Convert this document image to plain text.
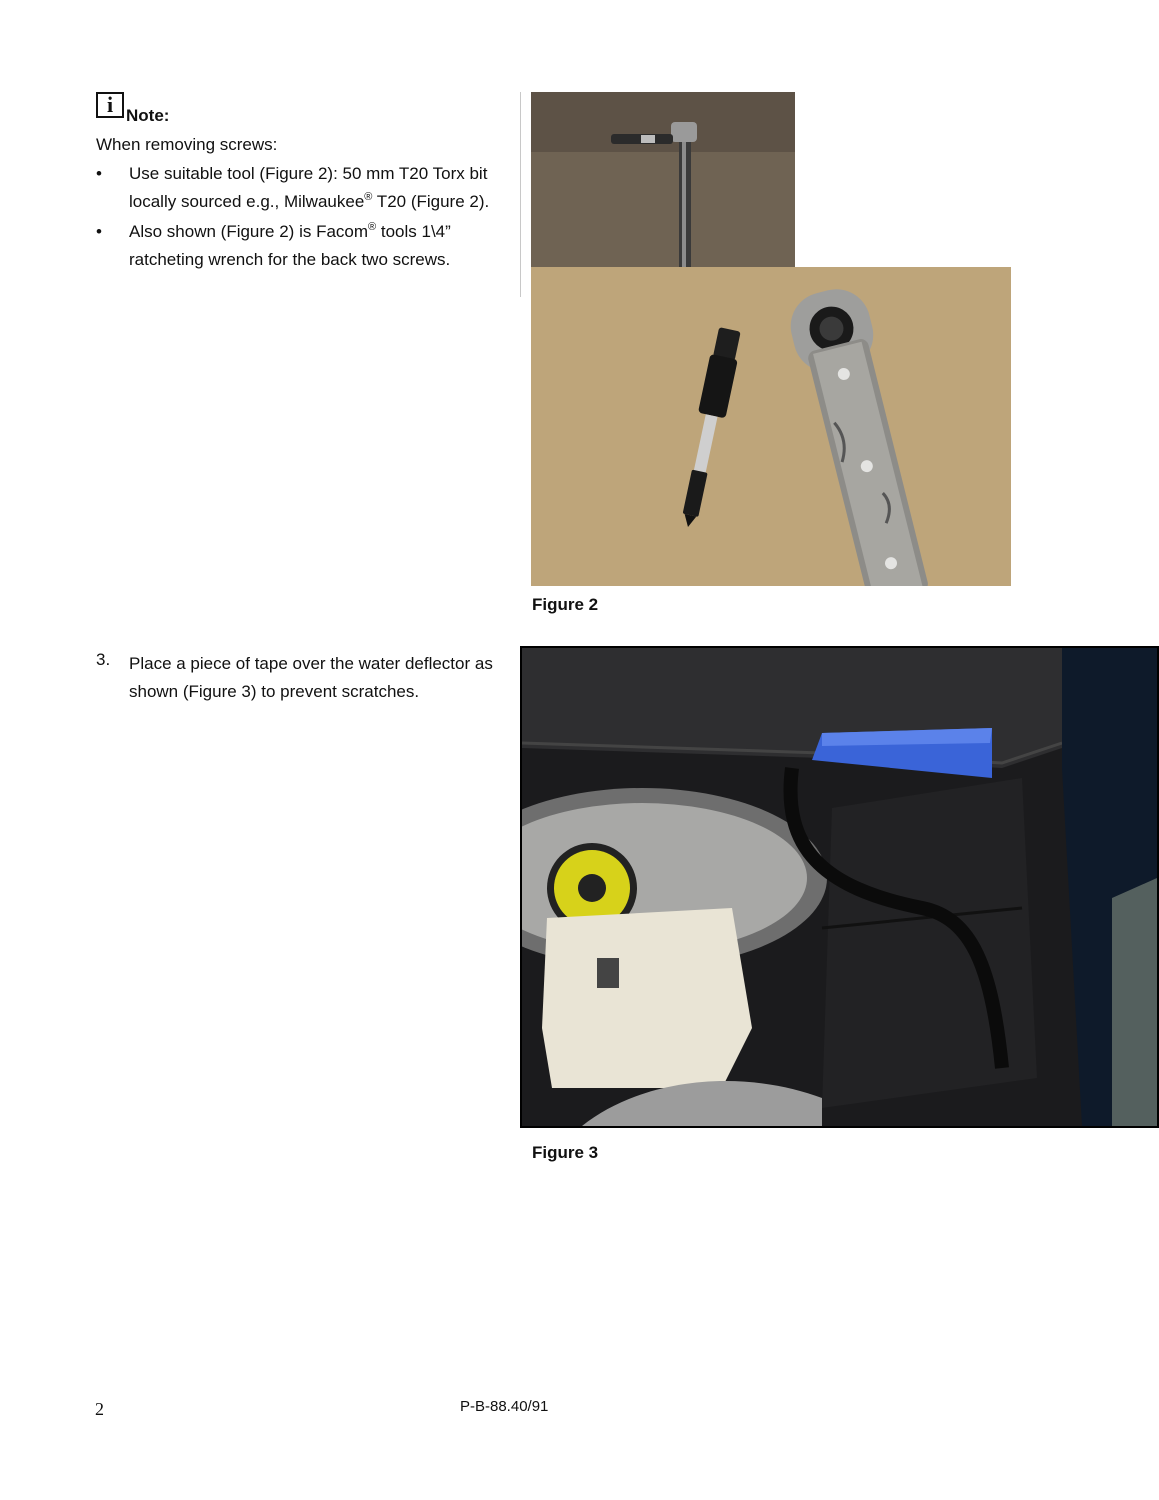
i Note:
When removing screws:
• Use suitable tool (Figure 2): 50 mm T20 Torx bit locally sourced e.g., Milwaukee® T20 (Figure 2).
• Also shown (Figure 2) is Facom® tools 1\4” ratcheting wrench for the back two screws.
Figure 2
3. Place a piece of tape over the water deflector as shown (Figure 3) to prevent scratches.
Figure 3
2	P-B-88.40/91
